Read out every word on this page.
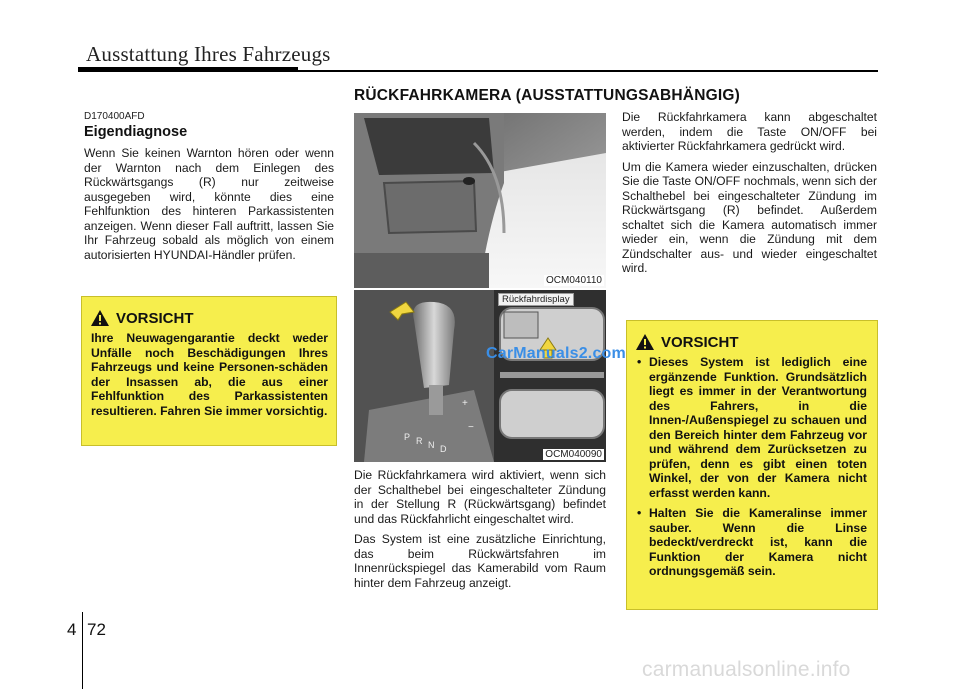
Ausstattung Ihres Fahrzeugs
RÜCKFAHRKAMERA (AUSSTATTUNGSABHÄNGIG)
D170400AFD
Eigendiagnose

Wenn Sie keinen Warnton hören oder wenn der Warnton nach dem Einlegen des Rückwärtsgangs (R) nur zeitweise ausgegeben wird, könnte dies eine Fehlfunktion des hinteren Parkassistenten anzeigen. Wenn dieser Fall auftritt, lassen Sie Ihr Fahrzeug sobald als möglich von einem autorisierten HYUNDAI-Händler prüfen.

VORSICHT
Ihre Neuwagengarantie deckt weder Unfälle noch Beschädigungen Ihres Fahrzeugs und keine Personen-schäden der Insassen ab, die aus einer Fehlfunktion des Parkassistenten resultieren. Fahren Sie immer vorsichtig.
OCM040110
P R N D
+
−
Rückfahrdisplay
CarManuals2.com
OCM040090

Die Rückfahrkamera wird aktiviert, wenn sich der Schalthebel bei eingeschalteter Zündung in der Stellung R (Rückwärtsgang) befindet und das Rückfahrlicht eingeschaltet wird.

Das System ist eine zusätzliche Einrichtung, das beim Rückwärtsfahren im Innenrückspiegel das Kamerabild vom Raum hinter dem Fahrzeug anzeigt.

Die Rückfahrkamera kann abgeschaltet werden, indem die Taste ON/OFF bei aktivierter Rückfahrkamera gedrückt wird.

Um die Kamera wieder einzuschalten, drücken Sie die Taste ON/OFF nochmals, wenn sich der Schalthebel bei eingeschalteter Zündung im Rückwärtsgang (R) befindet. Außerdem schaltet sich die Kamera automatisch immer wieder ein, wenn die Zündung mit dem Zündschalter aus- und wieder eingeschaltet wird.

VORSICHT
• Dieses System ist lediglich eine ergänzende Funktion. Grundsätzlich liegt es immer in der Verantwortung des Fahrers, in die Innen-/Außenspiegel zu schauen und den Bereich hinter dem Fahrzeug vor und während dem Zurücksetzen zu prüfen, denn es gibt einen toten Winkel, der von der Kamera nicht erfasst werden kann.
• Halten Sie die Kameralinse immer sauber. Wenn die Linse bedeckt/verdreckt ist, kann die Funktion der Kamera nicht ordnungsgemäß sein.
4 72
carmanualsonline.info
